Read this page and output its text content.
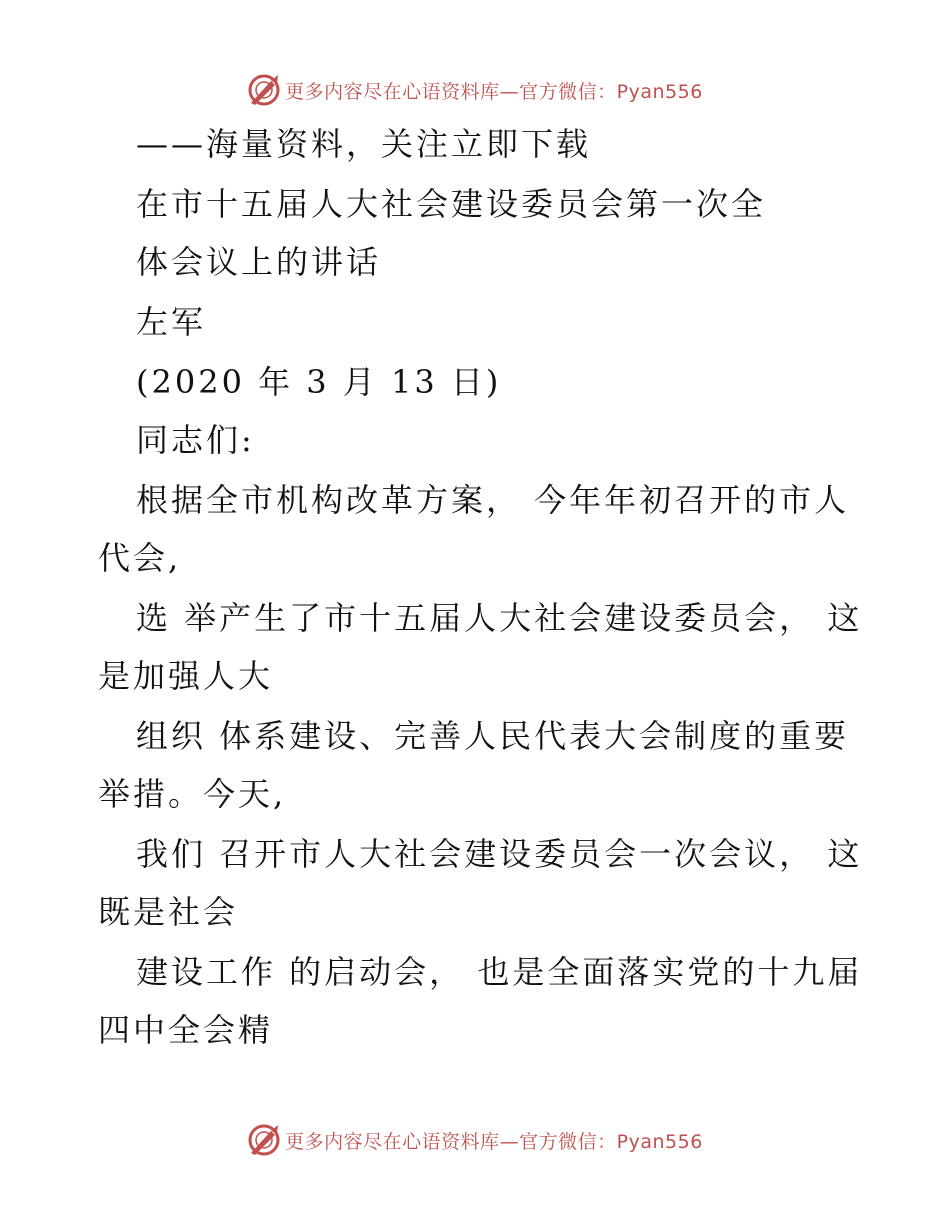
更多内容尽在心语资料库—官方微信：Pyan556
——海量资料，关注立即下载
在市十五届人大社会建设委员会第一次全
体会议上的讲话
左军
(2020 年 3 月 13 日)
同志们:
根据全市机构改革方案， 今年年初召开的市人
代会,
选 举产生了市十五届人大社会建设委员会， 这
是加强人大
组织 体系建设、完善人民代表大会制度的重要
举措。今天,
我们 召开市人大社会建设委员会一次会议， 这
既是社会
建设工作 的启动会， 也是全面落实党的十九届
四中全会精
更多内容尽在心语资料库—官方微信：Pyan556
